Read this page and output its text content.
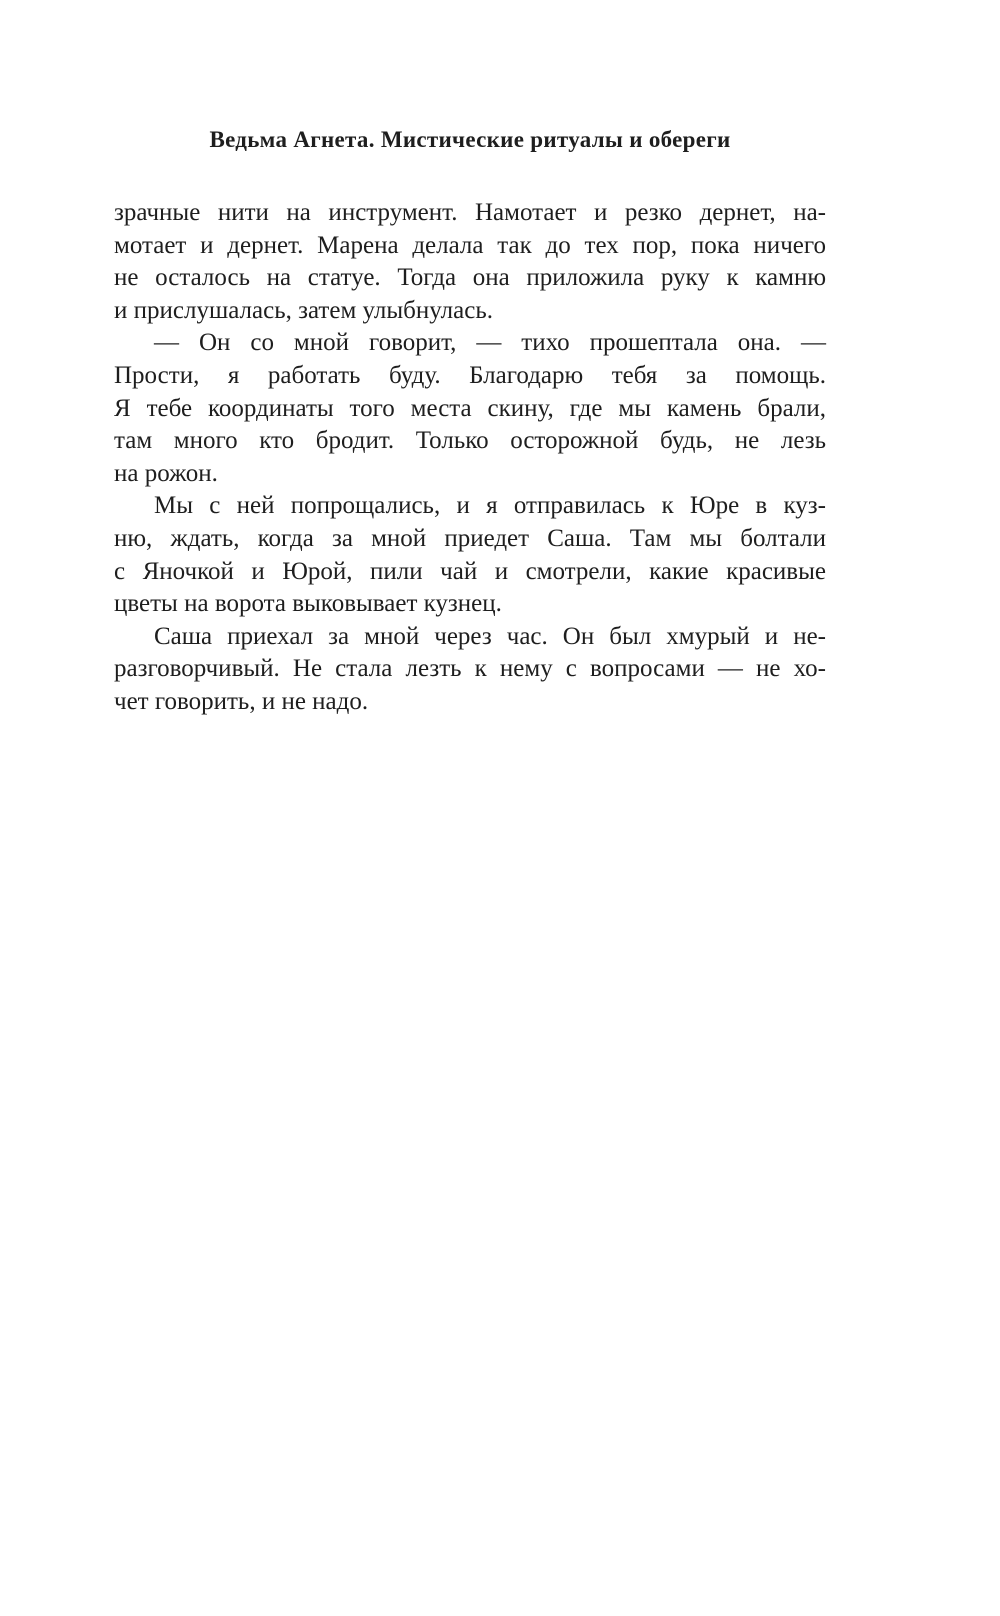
Ведьма Агнета. Мистические ритуалы и обереги
зрачные нити на инструмент. Намотает и резко дернет, на-
мотает и дернет. Марена делала так до тех пор, пока ничего
не осталось на статуе. Тогда она приложила руку к камню
и прислушалась, затем улыбнулась.
— Он со мной говорит, — тихо прошептала она. —
Прости, я работать буду. Благодарю тебя за помощь.
Я тебе координаты того места скину, где мы камень брали,
там много кто бродит. Только осторожной будь, не лезь
на рожон.
Мы с ней попрощались, и я отправилась к Юре в куз-
ню, ждать, когда за мной приедет Саша. Там мы болтали
с Яночкой и Юрой, пили чай и смотрели, какие красивые
цветы на ворота выковывает кузнец.
Саша приехал за мной через час. Он был хмурый и не-
разговорчивый. Не стала лезть к нему с вопросами — не хо-
чет говорить, и не надо.
